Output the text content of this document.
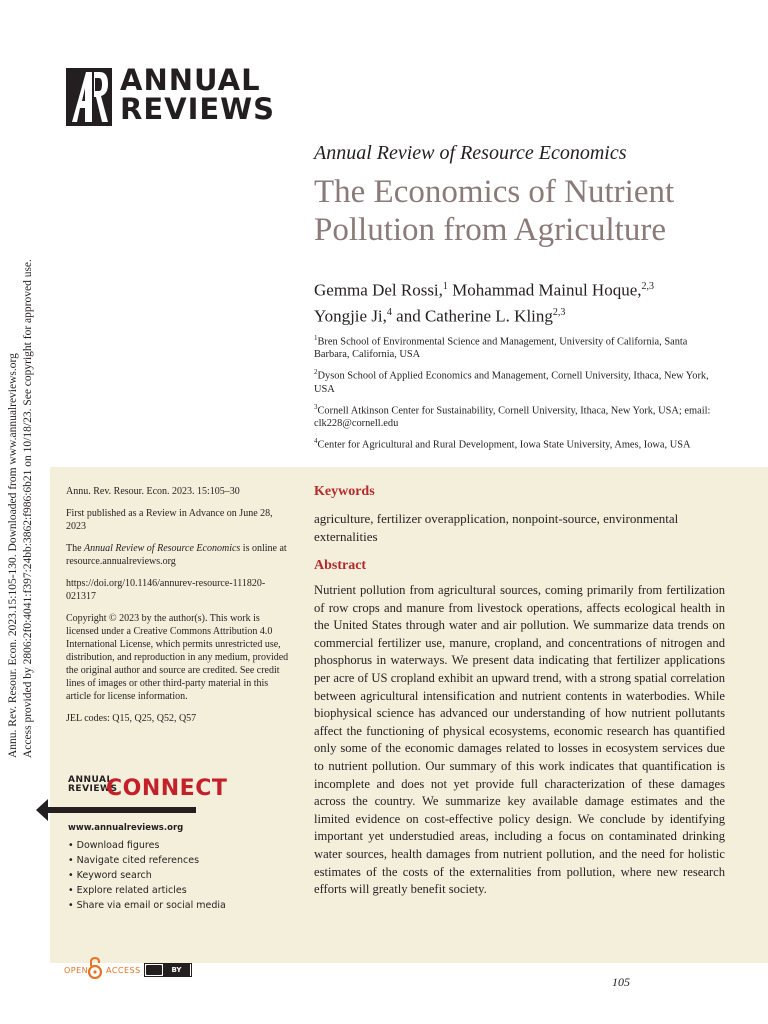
ANNUAL
REVIEWS
Annual Review of Resource Economics
The Economics of Nutrient
Pollution from Agriculture
Gemma Del Rossi,$^1$ Mohammad Mainul Hoque,$^{2,3}$
Yongjie Ji,$^4$ and Catherine L. Kling$^{2,3}$
$^1$Bren School of Environmental Science and Management, University of California, Santa Barbara, California, USA
$^2$Dyson School of Applied Economics and Management, Cornell University, Ithaca, New York, USA
$^3$Cornell Atkinson Center for Sustainability, Cornell University, Ithaca, New York, USA; email: clk228@cornell.edu
$^4$Center for Agricultural and Rural Development, Iowa State University, Ames, Iowa, USA
Annu. Rev. Resour. Econ. 2023.15:105-130. Downloaded from www.annualreviews.org Access provided by 2806:2f0:4041:f397:24bb:3862:f986:6b21 on 10/18/23. See copyright for approved use.	Annu. Rev. Resour. Econ. 2023. 15:105–30

First published as a Review in Advance on June 28, 2023

The Annual Review of Resource Economics is online at resource.annualreviews.org

https://doi.org/10.1146/annurev-resource-111820-021317

Copyright © 2023 by the author(s). This work is licensed under a Creative Commons Attribution 4.0 International License, which permits unrestricted use, distribution, and reproduction in any medium, provided the original author and source are credited. See credit lines of images or other third-party material in this article for license information.

JEL codes: Q15, Q25, Q52, Q57

ANNUAL
REVIEWS
CONNECT
www.annualreviews.org
• Download figures
• Navigate cited references
• Keyword search
• Explore related articles
• Share via email or social media
Keywords
agriculture, fertilizer overapplication, nonpoint-source, environmental externalities
Abstract
Nutrient pollution from agricultural sources, coming primarily from fertilization of row crops and manure from livestock operations, affects ecological health in the United States through water and air pollution. We summarize data trends on commercial fertilizer use, manure, cropland, and concentrations of nitrogen and phosphorus in waterways. We present data indicating that fertilizer applications per acre of US cropland exhibit an upward trend, with a strong spatial correlation between agricultural intensification and nutrient contents in waterbodies. While biophysical science has advanced our understanding of how nutrient pollutants affect the functioning of physical ecosystems, economic research has quantified only some of the economic damages related to losses in ecosystem services due to nutrient pollution. Our summary of this work indicates that quantification is incomplete and does not yet provide full characterization of these damages across the country. We summarize key available damage estimates and the limited evidence on cost-effective policy design. We conclude by identifying important yet understudied areas, including a focus on contaminated drinking water sources, health damages from nutrient pollution, and the need for holistic estimates of the costs of the externalities from pollution, where new research efforts will greatly benefit society.
OPEN ACCESS	BY
105
